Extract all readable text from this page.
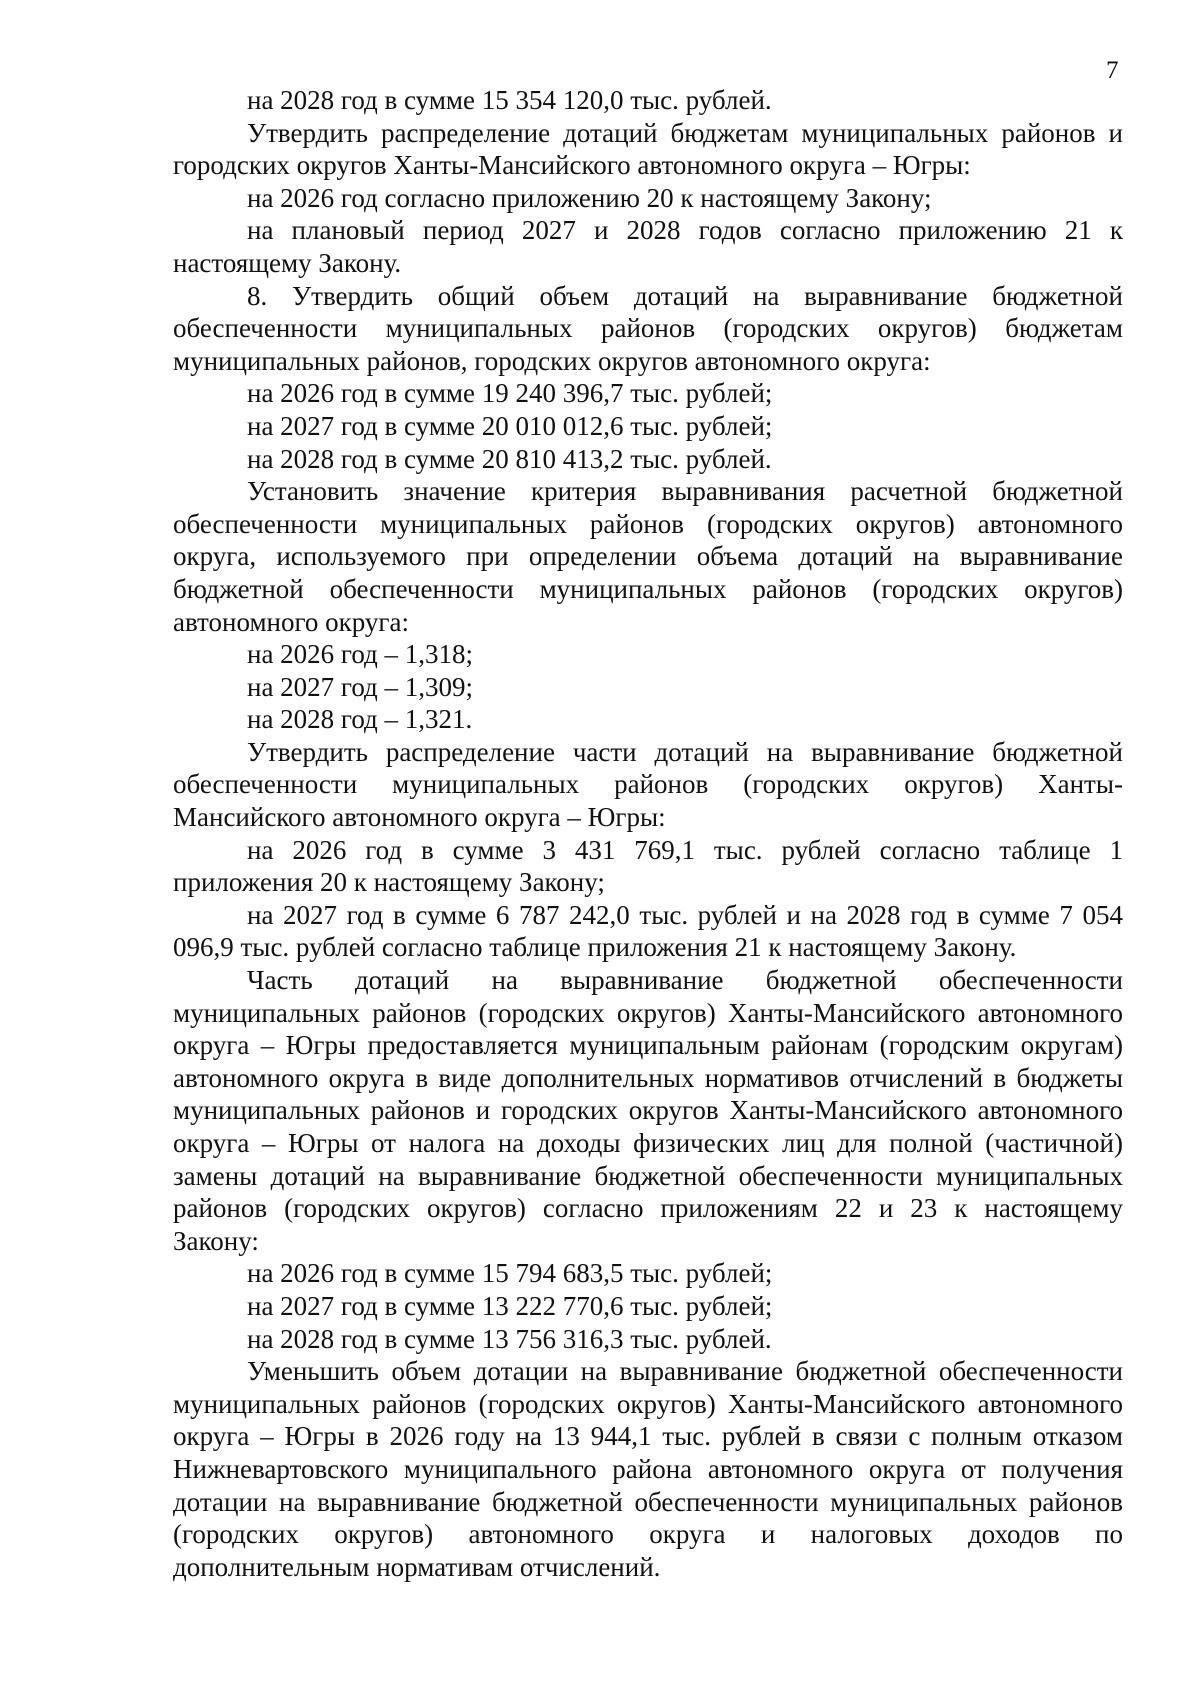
7

на 2028 год в сумме 15 354 120,0 тыс. рублей.

Утвердить распределение дотаций бюджетам муниципальных районов и городских округов Ханты-Мансийского автономного округа – Югры:

на 2026 год согласно приложению 20 к настоящему Закону;

на плановый период 2027 и 2028 годов согласно приложению 21 к настоящему Закону.

8. Утвердить общий объем дотаций на выравнивание бюджетной обеспеченности муниципальных районов (городских округов) бюджетам муниципальных районов, городских округов автономного округа:

на 2026 год в сумме 19 240 396,7 тыс. рублей;

на 2027 год в сумме 20 010 012,6 тыс. рублей;

на 2028 год в сумме 20 810 413,2 тыс. рублей.

Установить значение критерия выравнивания расчетной бюджетной обеспеченности муниципальных районов (городских округов) автономного округа, используемого при определении объема дотаций на выравнивание бюджетной обеспеченности муниципальных районов (городских округов) автономного округа:

на 2026 год – 1,318;

на 2027 год – 1,309;

на 2028 год – 1,321.

Утвердить распределение части дотаций на выравнивание бюджетной обеспеченности муниципальных районов (городских округов) Ханты-Мансийского автономного округа – Югры:

на 2026 год в сумме 3 431 769,1 тыс. рублей согласно таблице 1 приложения 20 к настоящему Закону;

на 2027 год в сумме 6 787 242,0 тыс. рублей и на 2028 год в сумме 7 054 096,9 тыс. рублей согласно таблице приложения 21 к настоящему Закону.

Часть дотаций на выравнивание бюджетной обеспеченности муниципальных районов (городских округов) Ханты-Мансийского автономного округа – Югры предоставляется муниципальным районам (городским округам) автономного округа в виде дополнительных нормативов отчислений в бюджеты муниципальных районов и городских округов Ханты-Мансийского автономного округа – Югры от налога на доходы физических лиц для полной (частичной) замены дотаций на выравнивание бюджетной обеспеченности муниципальных районов (городских округов) согласно приложениям 22 и 23 к настоящему Закону:

на 2026 год в сумме 15 794 683,5 тыс. рублей;

на 2027 год в сумме 13 222 770,6 тыс. рублей;

на 2028 год в сумме 13 756 316,3 тыс. рублей.

Уменьшить объем дотации на выравнивание бюджетной обеспеченности муниципальных районов (городских округов) Ханты-Мансийского автономного округа – Югры в 2026 году на 13 944,1 тыс. рублей в связи с полным отказом Нижневартовского муниципального района автономного округа от получения дотации на выравнивание бюджетной обеспеченности муниципальных районов (городских округов) автономного округа и налоговых доходов по дополнительным нормативам отчислений.
